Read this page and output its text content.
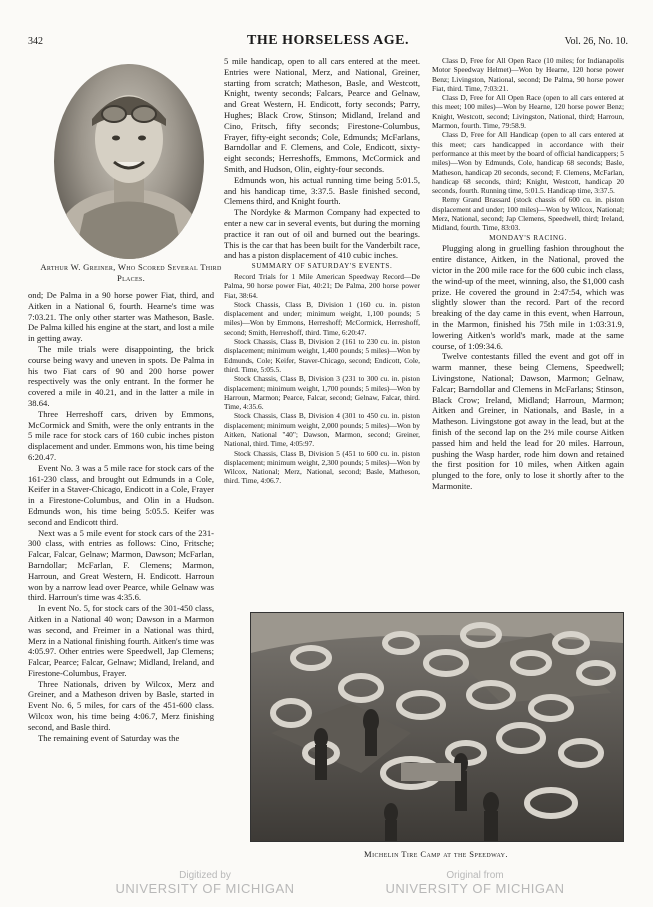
342	THE HORSELESS AGE.	Vol. 26, No. 10.
Arthur W. Greiner, Who Scored Several Third Places.

ond; De Palma in a 90 horse power Fiat, third, and Aitken in a National 6, fourth. Hearne's time was 7:03.21. The only other starter was Matheson, Basle. De Palma killed his engine at the start, and lost a mile in getting away.

The mile trials were disappointing, the brick course being wavy and uneven in spots. De Palma in his two Fiat cars of 90 and 200 horse power respectively was the only entrant. In the former he covered a mile in 40.21, and in the latter a mile in 38.64.

Three Herreshoff cars, driven by Emmons, McCormick and Smith, were the only entrants in the 5 mile race for stock cars of 160 cubic inches piston displacement and under. Emmons won, his time being 6:20.47.

Event No. 3 was a 5 mile race for stock cars of the 161-230 class, and brought out Edmunds in a Cole, Keifer in a Staver-Chicago, Endicott in a Cole, Frayer in a Firestone-Columbus, and Olin in a Hudson. Edmunds won, his time being 5:05.5. Keifer was second and Endicott third.

Next was a 5 mile event for stock cars of the 231-300 class, with entries as follows: Cino, Fritsche; Falcar, Falcar, Gelnaw; Marmon, Dawson; McFarlan, Barndollar; McFarlan, F. Clemens; Marmon, Harroun, and Great Western, H. Endicott. Harroun won by a narrow lead over Pearce, while Gelnaw was third. Harroun's time was 4:35.6.

In event No. 5, for stock cars of the 301-450 class, Aitken in a National 40 won; Dawson in a Marmon was second, and Freimer in a National was third, Merz in a National finishing fourth. Aitken's time was 4:05.97. Other entries were Speedwell, Jap Clemens; Falcar, Pearce; Falcar, Gelnaw; Midland, Ireland, and Firestone-Columbus, Frayer.

Three Nationals, driven by Wilcox, Merz and Greiner, and a Matheson driven by Basle, started in Event No. 6, 5 miles, for cars of the 451-600 class. Wilcox won, his time being 4:06.7, Merz finishing second, and Basle third.

The remaining event of Saturday was the

5 mile handicap, open to all cars entered at the meet. Entries were National, Merz, and National, Greiner, starting from scratch; Matheson, Basle, and Westcott, Knight, twenty seconds; Falcars, Pearce and Gelnaw, and Great Western, H. Endicott, forty seconds; Parry, Hughes; Black Crow, Stinson; Midland, Ireland and Cino, Fritsch, fifty seconds; Firestone-Columbus, Frayer, fifty-eight seconds; Cole, Edmunds; McFarlans, Barndollar and F. Clemens, and Cole, Endicott, sixty-eight seconds; Herreshoffs, Emmons, McCormick and Smith, and Hudson, Olin, eighty-four seconds.

Edmunds won, his actual running time being 5:01.5, and his handicap time, 3:37.5. Basle finished second, Clemens third, and Knight fourth.

The Nordyke & Marmon Company had expected to enter a new car in several events, but during the morning practice it ran out of oil and burned out the bearings. This is the car that has been built for the Vanderbilt race, and has a piston displacement of 410 cubic inches.

SUMMARY OF SATURDAY'S EVENTS.

Record Trials for 1 Mile American Speedway Record—De Palma, 90 horse power Fiat, 40:21; De Palma, 200 horse power Fiat, 38:64.

Stock Chassis, Class B, Division 1 (160 cu. in. piston displacement and under; minimum weight, 1,100 pounds; 5 miles)—Won by Emmons, Herreshoff; McCormick, Herreshoff, second; Smith, Herreshoff, third. Time, 6:20:47.

Stock Chassis, Class B, Division 2 (161 to 230 cu. in. piston displacement; minimum weight, 1,400 pounds; 5 miles)—Won by Edmunds, Cole; Keifer, Staver-Chicago, second; Endicott, Cole, third. Time, 5:05.5.

Stock Chassis, Class B, Division 3 (231 to 300 cu. in. piston displacement; minimum weight, 1,700 pounds; 5 miles)—Won by Harroun, Marmon; Pearce, Falcar, second; Gelnaw, Falcar, third. Time, 4:35.6.

Stock Chassis, Class B, Division 4 (301 to 450 cu. in. piston displacement; minimum weight, 2,000 pounds; 5 miles)—Won by Aitken, National "40"; Dawson, Marmon, second; Greiner, National, third. Time, 4:05:97.

Stock Chassis, Class B, Division 5 (451 to 600 cu. in. piston displacement; minimum weight, 2,300 pounds; 5 miles)—Won by Wilcox, National; Merz, National, second; Basle, Matheson, third. Time, 4:06.7.

Class D, Free for All Open Race (10 miles; for Indianapolis Motor Speedway Helmet)—Won by Hearne, 120 horse power Benz; Livingston, National, second; De Palma, 90 horse power Fiat, third. Time, 7:03:21.

Class D, Free for All Open Race (open to all cars entered at this meet; 100 miles)—Won by Hearne, 120 horse power Benz; Knight, Westcott, second; Livingston, National, third; Harroun, Marmon, fourth. Time, 79:58.9.

Class D, Free for All Handicap (open to all cars entered at this meet; cars handicapped in accordance with their performance at this meet by the board of official handicappers; 5 miles)—Won by Edmunds, Cole, handicap 68 seconds; Basle, Matheson, handicap 20 seconds, second; F. Clemens, McFarlan, handicap 68 seconds, third; Knight, Westcott, handicap 20 seconds, fourth. Running time, 5:01.5. Handicap time, 3:37.5.

Remy Grand Brassard (stock chassis of 600 cu. in. piston displacement and under; 100 miles)—Won by Wilcox, National; Merz, National, second; Jap Clemens, Speedwell, third; Ireland, Midland, fourth. Time, 83:03.

MONDAY'S RACING.

Plugging along in gruelling fashion throughout the entire distance, Aitken, in the National, proved the victor in the 200 mile race for the 600 cubic inch class, the wind-up of the meet, winning, also, the $1,000 cash prize. He covered the ground in 2:47:54, which was slightly slower than the record. Part of the record breaking of the day came in this event, when Harroun, in the Marmon, finished his 75th mile in 1:03:31.9, lowering Aitken's world's mark, made at the same course, of 1:09:34.6.

Twelve contestants filled the event and got off in warm manner, these being Clemens, Speedwell; Livingstone, National; Dawson, Marmon; Gelnaw, Falcar; Barndollar and Clemens in McFarlans; Stinson, Black Crow; Ireland, Midland; Harroun, Marmon; Aitken and Greiner, in Nationals, and Basle, in a Matheson. Livingstone got away in the lead, but at the finish of the second lap on the 2½ mile course Aitken passed him and held the lead for 20 miles. Harroun, pushing the Wasp harder, rode him down and retained the first position for 10 miles, when Aitken again plunged to the fore, only to lose it shortly after to the Marmonite.

Michelin Tire Camp at the Speedway.
Digitized by
UNIVERSITY OF MICHIGAN
Original from
UNIVERSITY OF MICHIGAN
